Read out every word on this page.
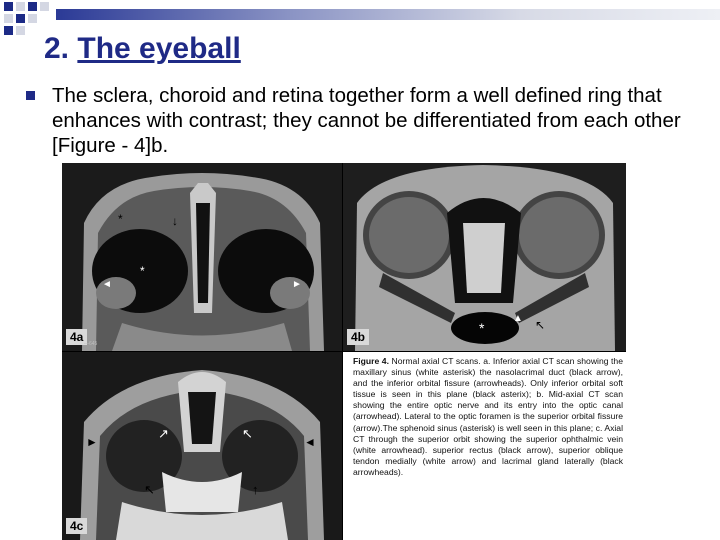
2. The eyeball

The sclera, choroid and retina together form a well defined ring that enhances with contrast; they cannot be differentiated from each other [Figure - 4]b.

*
↓
*
◄	►
4a —645
*
▲ ↖
4b
►	◄
↗	↖
↖	↑
4c

Figure 4. Normal axial CT scans. a. Inferior axial CT scan showing the maxillary sinus (white asterisk) the nasolacrimal duct (black arrow), and the inferior orbital fissure (arrowheads). Only inferior orbital soft tissue is seen in this plane (black asterix); b. Mid-axial CT scan showing the entire optic nerve and its entry into the optic canal (arrowhead). Lateral to the optic foramen is the superior orbital fissure (arrow).The sphenoid sinus (asterisk) is well seen in this plane; c. Axial CT through the superior orbit showing the superior ophthalmic vein (white arrowhead). superior rectus (black arrow), superior oblique tendon medially (white arrow) and lacrimal gland laterally (black arrowheads).
